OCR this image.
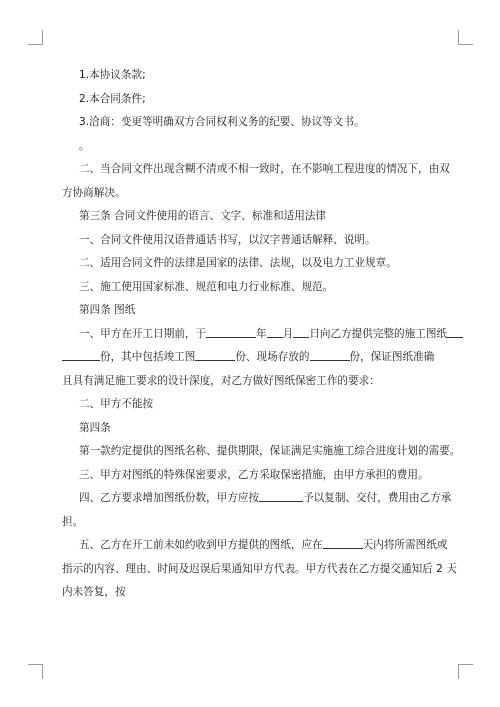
1.本协议条款;

2.本合同条件;

3.洽商：变更等明确双方合同权利义务的纪要、协议等文书。

。

二、当合同文件出现含糊不清或不相一致时，在不影响工程进度的情况下，由双

方协商解决。

第三条 合同文件使用的语言、文字、标准和适用法律

一、合同文件使用汉语普通话书写，以汉字普通话解释、说明。

二、适用合同文件的法律是国家的法律、法规，以及电力工业规章。

三、施工使用国家标准、规范和电力行业标准、规范。

第四条 图纸

一、甲方在开工日期前，于	年 月 日向乙方提供完整的施工图纸

份，其中包括竣工图	份、现场存放的	份，保证图纸准确

且具有满足施工要求的设计深度，对乙方做好图纸保密工作的要求：

二、甲方不能按

第四条

第一款约定提供的图纸名称、提供期限，保证满足实施施工综合进度计划的需要。

三、甲方对图纸的特殊保密要求，乙方采取保密措施，由甲方承担的费用。

四、乙方要求增加图纸份数，甲方应按	予以复制、交付，费用由乙方承

担。

五、乙方在开工前未如约收到甲方提供的图纸，应在	天内将所需图纸或

指示的内容、理由、时间及迟误后果通知甲方代表。甲方代表在乙方提交通知后 2 天

内未答复，按
